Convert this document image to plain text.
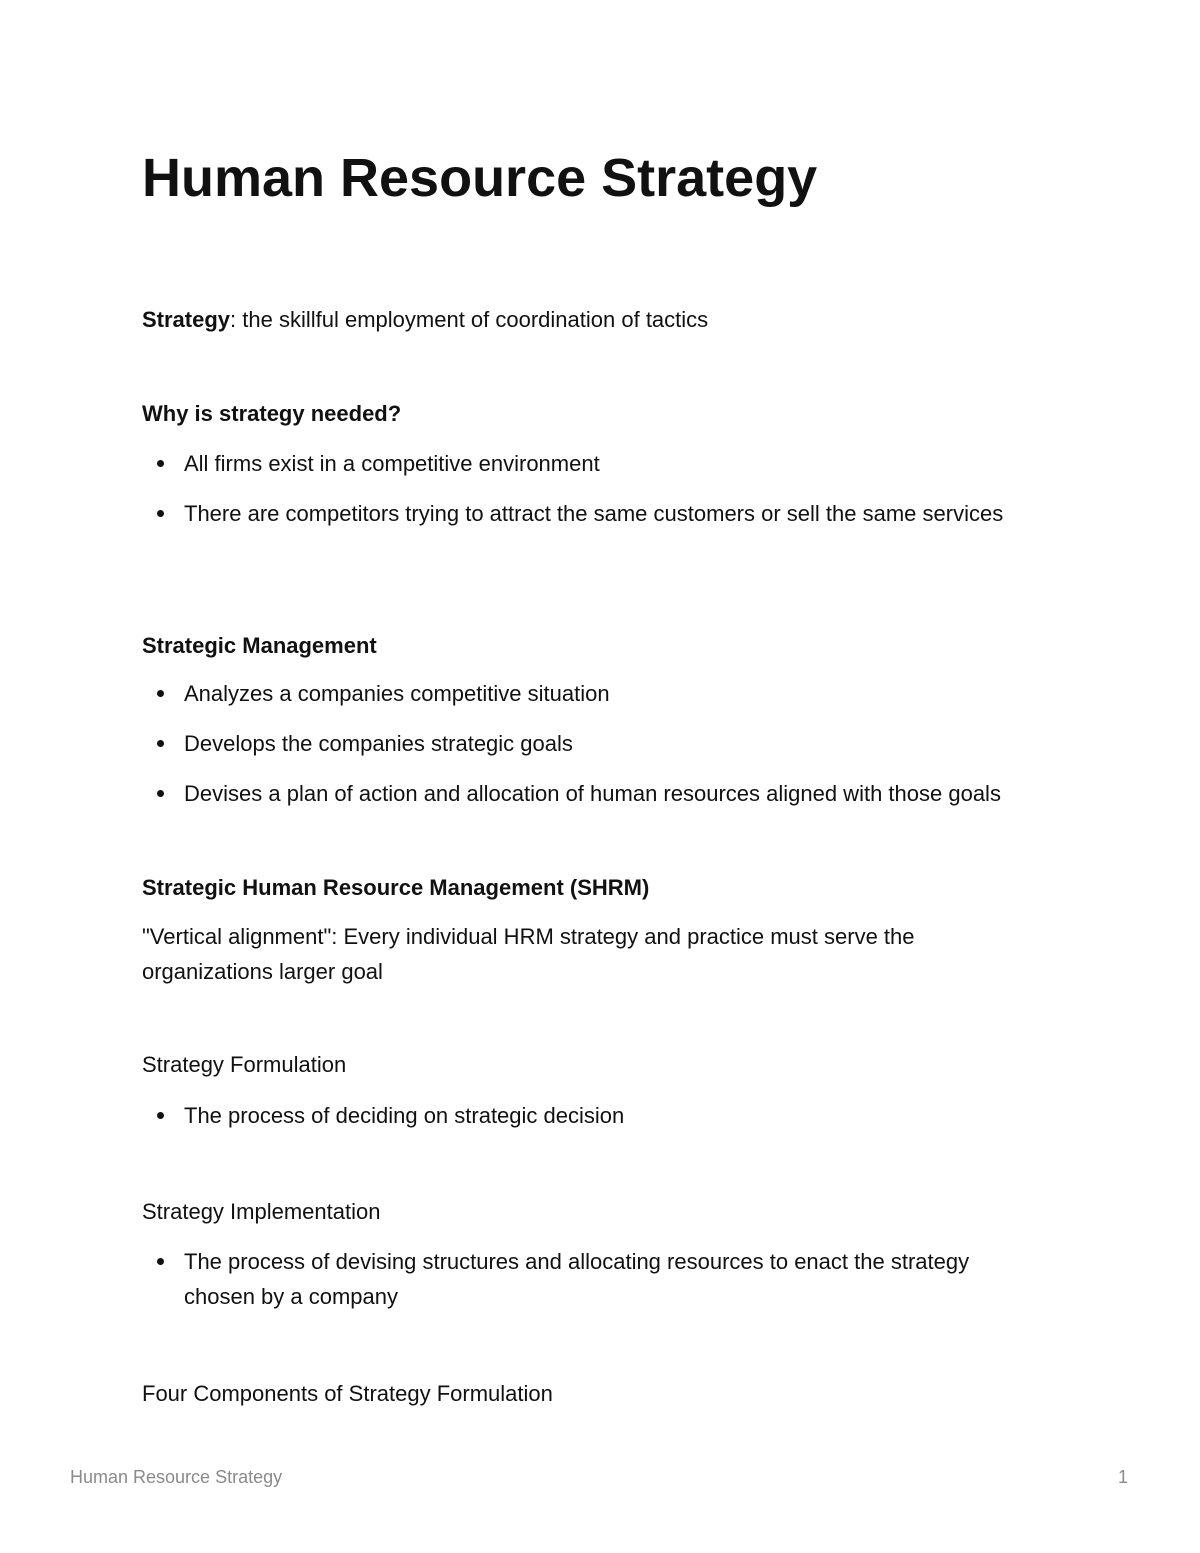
Human Resource Strategy

Strategy: the skillful employment of coordination of tactics

Why is strategy needed?

All firms exist in a competitive environment
There are competitors trying to attract the same customers or sell the same services

Strategic Management

Analyzes a companies competitive situation
Develops the companies strategic goals
Devises a plan of action and allocation of human resources aligned with those goals

Strategic Human Resource Management (SHRM)

"Vertical alignment": Every individual HRM strategy and practice must serve the organizations larger goal

Strategy Formulation

The process of deciding on strategic decision

Strategy Implementation

The process of devising structures and allocating resources to enact the strategy chosen by a company

Four Components of Strategy Formulation

Human Resource Strategy	1
